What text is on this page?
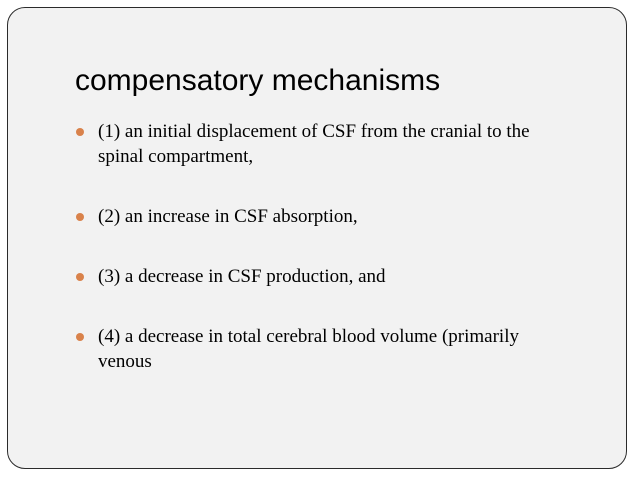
compensatory mechanisms
(1) an initial displacement of CSF from the cranial to the spinal compartment,
(2) an increase in CSF absorption,
(3) a decrease in CSF production, and
(4) a decrease in total cerebral blood volume (primarily venous
